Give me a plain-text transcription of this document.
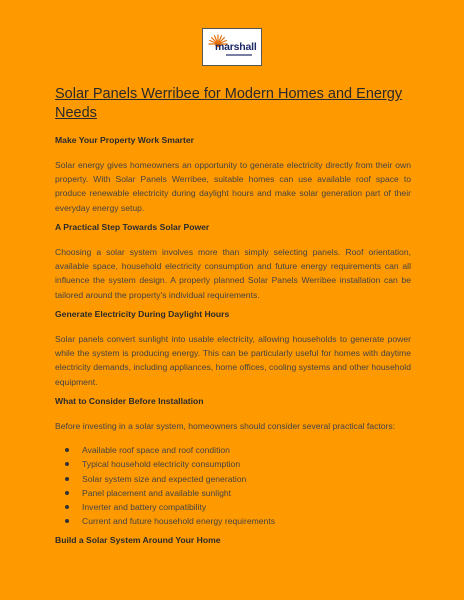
marshall
Solar Panels Werribee for Modern Homes and Energy Needs
Make Your Property Work Smarter

Solar energy gives homeowners an opportunity to generate electricity directly from their own property. With Solar Panels Werribee, suitable homes can use available roof space to produce renewable electricity during daylight hours and make solar generation part of their everyday energy setup.

A Practical Step Towards Solar Power

Choosing a solar system involves more than simply selecting panels. Roof orientation, available space, household electricity consumption and future energy requirements can all influence the system design. A properly planned Solar Panels Werribee installation can be tailored around the property's individual requirements.

Generate Electricity During Daylight Hours

Solar panels convert sunlight into usable electricity, allowing households to generate power while the system is producing energy. This can be particularly useful for homes with daytime electricity demands, including appliances, home offices, cooling systems and other household equipment.

What to Consider Before Installation

Before investing in a solar system, homeowners should consider several practical factors:

Available roof space and roof condition
Typical household electricity consumption
Solar system size and expected generation
Panel placement and available sunlight
Inverter and battery compatibility
Current and future household energy requirements
Build a Solar System Around Your Home
